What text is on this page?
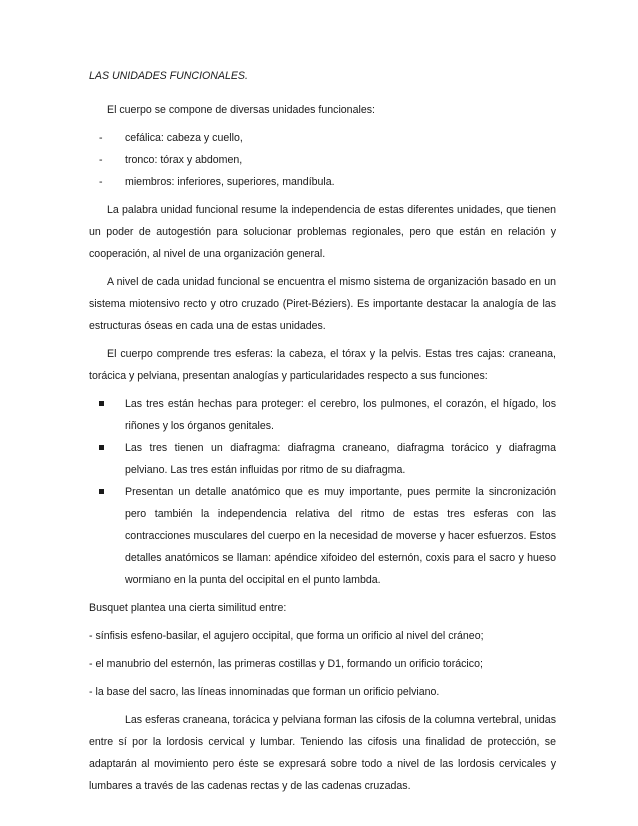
LAS UNIDADES FUNCIONALES.

El cuerpo se compone de diversas unidades funcionales:

- cefálica: cabeza y cuello,
- tronco: tórax y abdomen,
- miembros: inferiores, superiores, mandíbula.

La palabra unidad funcional resume la independencia de estas diferentes unidades, que tienen un poder de autogestión para solucionar problemas regionales, pero que están en relación y cooperación, al nivel de una organización general.

A nivel de cada unidad funcional se encuentra el mismo sistema de organización basado en un sistema miotensivo recto y otro cruzado (Piret-Béziers). Es importante destacar la analogía de las estructuras óseas en cada una de estas unidades.

El cuerpo comprende tres esferas: la cabeza, el tórax y la pelvis. Estas tres cajas: craneana, torácica y pelviana, presentan analogías y particularidades respecto a sus funciones:

Las tres están hechas para proteger: el cerebro, los pulmones, el corazón, el hígado, los riñones y los órganos genitales.
Las tres tienen un diafragma: diafragma craneano, diafragma torácico y diafragma pelviano. Las tres están influidas por ritmo de su diafragma.
Presentan un detalle anatómico que es muy importante, pues permite la sincronización pero también la independencia relativa del ritmo de estas tres esferas con las contracciones musculares del cuerpo en la necesidad de moverse y hacer esfuerzos. Estos detalles anatómicos se llaman: apéndice xifoideo del esternón, coxis para el sacro y hueso wormiano en la punta del occipital en el punto lambda.

Busquet plantea una cierta similitud entre:

- sínfisis esfeno-basilar, el agujero occipital, que forma un orificio al nivel del cráneo;

- el manubrio del esternón, las primeras costillas y D1, formando un orificio torácico;

- la base del sacro, las líneas innominadas que forman un orificio pelviano.

Las esferas craneana, torácica y pelviana forman las cifosis de la columna vertebral, unidas entre sí por la lordosis cervical y lumbar. Teniendo las cifosis una finalidad de protección, se adaptarán al movimiento pero éste se expresará sobre todo a nivel de las lordosis cervicales y lumbares a través de las cadenas rectas y de las cadenas cruzadas.
